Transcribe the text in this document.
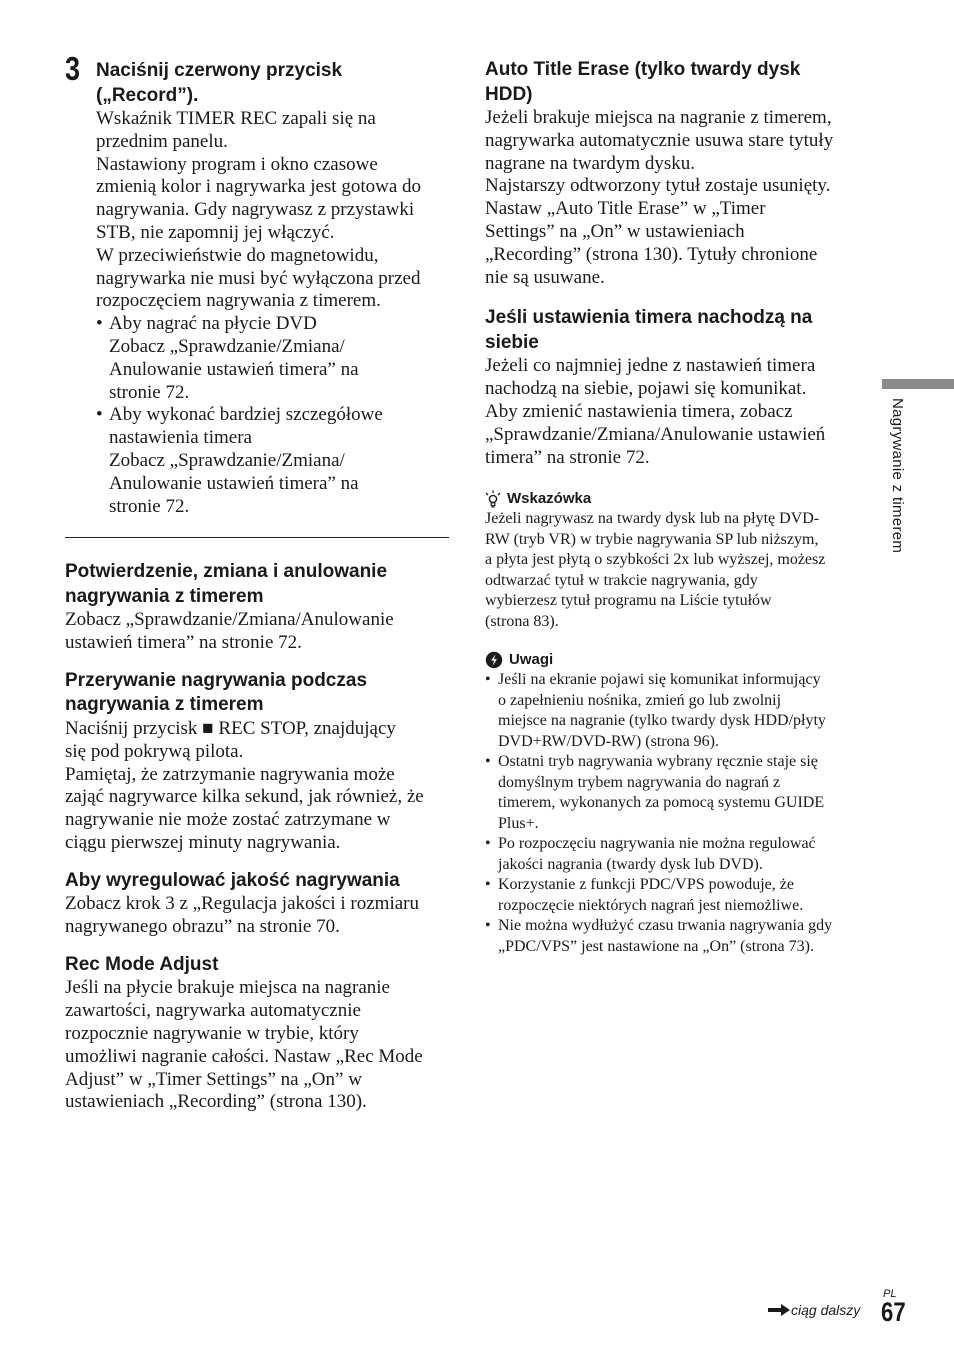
3 Naciśnij czerwony przycisk
(„Record”).
Wskaźnik TIMER REC zapali się na
przednim panelu.
Nastawiony program i okno czasowe
zmienią kolor i nagrywarka jest gotowa do
nagrywania. Gdy nagrywasz z przystawki
STB, nie zapomnij jej włączyć.
W przeciwieństwie do magnetowidu,
nagrywarka nie musi być wyłączona przed
rozpoczęciem nagrywania z timerem.
• Aby nagrać na płycie DVD
Zobacz „Sprawdzanie/Zmiana/
Anulowanie ustawień timera” na
stronie 72.
• Aby wykonać bardziej szczegółowe
nastawienia timera
Zobacz „Sprawdzanie/Zmiana/
Anulowanie ustawień timera” na
stronie 72.
Potwierdzenie, zmiana i anulowanie
nagrywania z timerem
Zobacz „Sprawdzanie/Zmiana/Anulowanie
ustawień timera” na stronie 72.
Przerywanie nagrywania podczas
nagrywania z timerem
Naciśnij przycisk ■ REC STOP, znajdujący
się pod pokrywą pilota.
Pamiętaj, że zatrzymanie nagrywania może
zająć nagrywarce kilka sekund, jak również, że
nagrywanie nie może zostać zatrzymane w
ciągu pierwszej minuty nagrywania.
Aby wyregulować jakość nagrywania
Zobacz krok 3 z „Regulacja jakości i rozmiaru
nagrywanego obrazu” na stronie 70.
Rec Mode Adjust
Jeśli na płycie brakuje miejsca na nagranie
zawartości, nagrywarka automatycznie
rozpocznie nagrywanie w trybie, który
umożliwi nagranie całości. Nastaw „Rec Mode
Adjust” w „Timer Settings” na „On” w
ustawieniach „Recording” (strona 130).
Auto Title Erase (tylko twardy dysk
HDD)
Jeżeli brakuje miejsca na nagranie z timerem,
nagrywarka automatycznie usuwa stare tytuły
nagrane na twardym dysku.
Najstarszy odtworzony tytuł zostaje usunięty.
Nastaw „Auto Title Erase” w „Timer
Settings” na „On” w ustawieniach
„Recording” (strona 130). Tytuły chronione
nie są usuwane.
Jeśli ustawienia timera nachodzą na
siebie
Jeżeli co najmniej jedne z nastawień timera
nachodzą na siebie, pojawi się komunikat.
Aby zmienić nastawienia timera, zobacz
„Sprawdzanie/Zmiana/Anulowanie ustawień
timera” na stronie 72.
Wskazówka
Jeżeli nagrywasz na twardy dysk lub na płytę DVD-
RW (tryb VR) w trybie nagrywania SP lub niższym,
a płyta jest płytą o szybkości 2x lub wyższej, możesz
odtwarzać tytuł w trakcie nagrywania, gdy
wybierzesz tytuł programu na Liście tytułów
(strona 83).
Uwagi
• Jeśli na ekranie pojawi się komunikat informujący
o zapełnieniu nośnika, zmień go lub zwolnij
miejsce na nagranie (tylko twardy dysk HDD/płyty
DVD+RW/DVD-RW) (strona 96).
• Ostatni tryb nagrywania wybrany ręcznie staje się
domyślnym trybem nagrywania do nagrań z
timerem, wykonanych za pomocą systemu GUIDE
Plus+.
• Po rozpoczęciu nagrywania nie można regulować
jakości nagrania (twardy dysk lub DVD).
• Korzystanie z funkcji PDC/VPS powoduje, że
rozpoczęcie niektórych nagrań jest niemożliwe.
• Nie można wydłużyć czasu trwania nagrywania gdy
„PDC/VPS” jest nastawione na „On” (strona 73).
Nagrywanie z timerem
ciąg dalszy
PL
67
